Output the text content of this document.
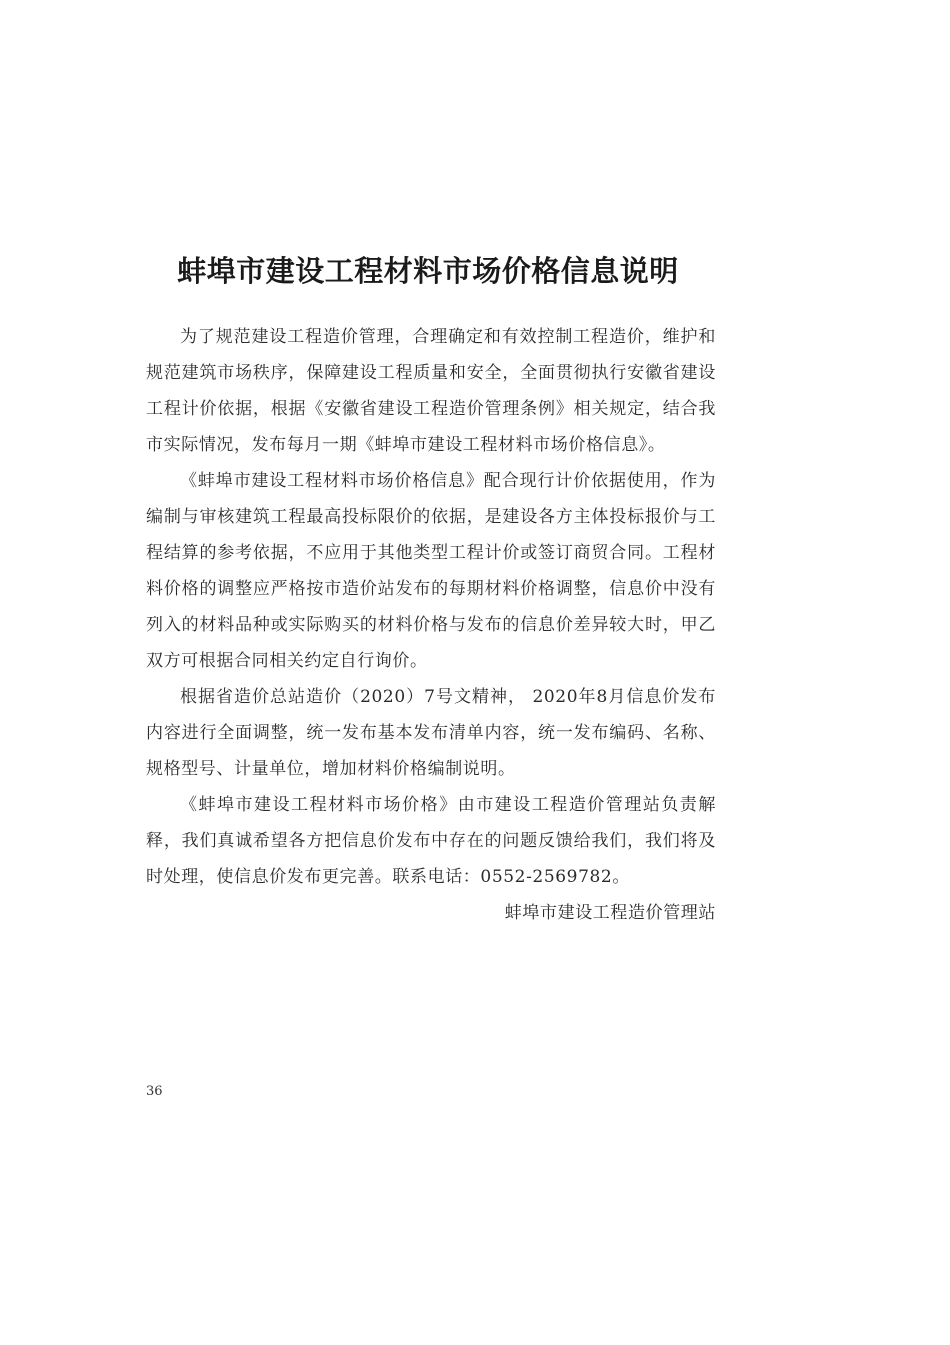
蚌埠市建设工程材料市场价格信息说明

为了规范建设工程造价管理，合理确定和有效控制工程造价，维护和规范建筑市场秩序，保障建设工程质量和安全，全面贯彻执行安徽省建设工程计价依据，根据《安徽省建设工程造价管理条例》相关规定，结合我市实际情况，发布每月一期《蚌埠市建设工程材料市场价格信息》。

《蚌埠市建设工程材料市场价格信息》配合现行计价依据使用，作为编制与审核建筑工程最高投标限价的依据，是建设各方主体投标报价与工程结算的参考依据，不应用于其他类型工程计价或签订商贸合同。工程材料价格的调整应严格按市造价站发布的每期材料价格调整，信息价中没有列入的材料品种或实际购买的材料价格与发布的信息价差异较大时，甲乙双方可根据合同相关约定自行询价。

根据省造价总站造价（2020）7号文精神， 2020年8月信息价发布内容进行全面调整，统一发布基本发布清单内容，统一发布编码、名称、规格型号、计量单位，增加材料价格编制说明。

《蚌埠市建设工程材料市场价格》由市建设工程造价管理站负责解释，我们真诚希望各方把信息价发布中存在的问题反馈给我们，我们将及时处理，使信息价发布更完善。联系电话：0552-2569782。

蚌埠市建设工程造价管理站

36
